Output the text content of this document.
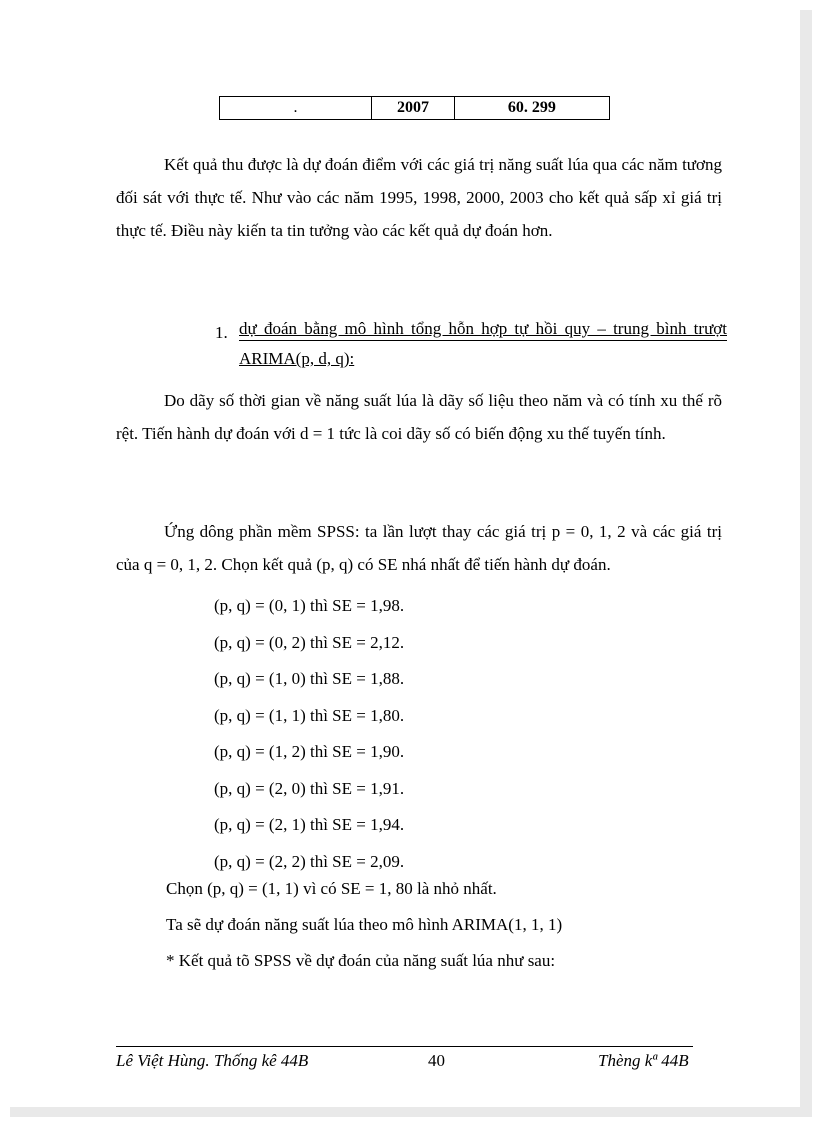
.	2007	60. 299

Kết quả thu được là dự đoán điểm với các giá trị năng suất lúa qua các năm tương đối sát với thực tế. Như vào các năm 1995, 1998, 2000, 2003 cho kết quả sấp xỉ giá trị thực tế. Điều này kiến ta tin tưởng vào các kết quả dự đoán hơn.

1. dự đoán bằng mô hình tổng hỗn hợp tự hồi quy – trung bình trượt ARIMA(p, d, q):

Do dãy số thời gian về năng suất lúa là dãy số liệu theo năm và có tính xu thế rõ rệt. Tiến hành dự đoán với d = 1 tức là coi dãy số có biến động xu thế tuyến tính.

Ứng dông phần mềm SPSS: ta lần lượt thay các giá trị p = 0, 1, 2 và các giá trị của q = 0, 1, 2. Chọn kết quả (p, q) có SE nhá nhất để tiến hành dự đoán.

(p, q) = (0, 1) thì SE = 1,98.
(p, q) = (0, 2) thì SE = 2,12.
(p, q) = (1, 0) thì SE = 1,88.
(p, q) = (1, 1) thì SE = 1,80.
(p, q) = (1, 2) thì SE = 1,90.
(p, q) = (2, 0) thì SE = 1,91.
(p, q) = (2, 1) thì SE = 1,94.
(p, q) = (2, 2) thì SE = 2,09.
Chọn (p, q) = (1, 1) vì có SE = 1, 80 là nhỏ nhất.
Ta sẽ dự đoán năng suất lúa theo mô hình ARIMA(1, 1, 1)
* Kết quả tõ SPSS về dự đoán của năng suất lúa như sau:
Lê Việt Hùng. Thống kê 44B	40	Thèng kª 44B
